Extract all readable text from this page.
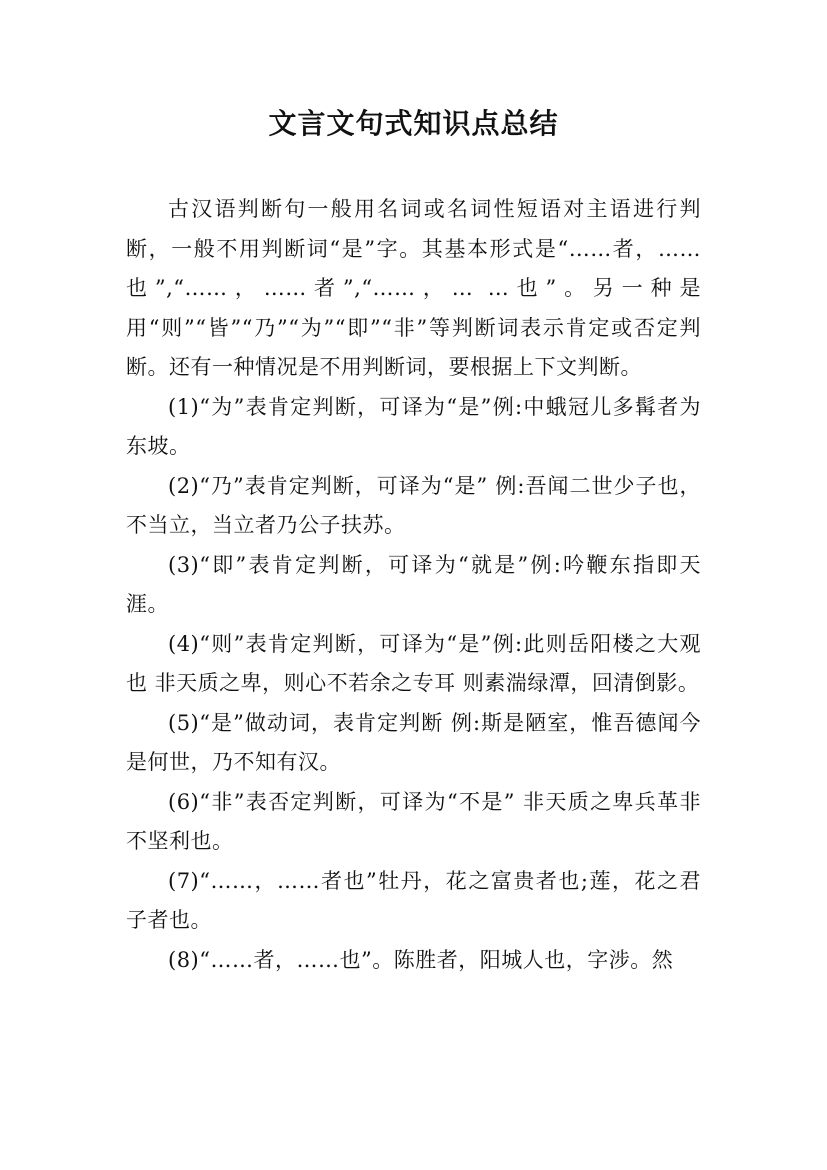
文言文句式知识点总结

古汉语判断句一般用名词或名词性短语对主语进行判断，一般不用判断词“是”字。其基本形式是“……者，……也”,“……，……者”,“……，… …也”。另一种是用“则”“皆”“乃”“为”“即”“非”等判断词表示肯定或否定判断。还有一种情况是不用判断词，要根据上下文判断。

(1)“为”表肯定判断，可译为“是”例:中蛾冠儿多髯者为东坡。

(2)“乃”表肯定判断，可译为“是” 例:吾闻二世少子也，不当立，当立者乃公子扶苏。

(3)“即”表肯定判断，可译为“就是”例:吟鞭东指即天涯。

(4)“则”表肯定判断，可译为“是”例:此则岳阳楼之大观也 非天质之卑，则心不若余之专耳 则素湍绿潭，回清倒影。

(5)“是”做动词，表肯定判断 例:斯是陋室，惟吾德闻今是何世，乃不知有汉。

(6)“非”表否定判断，可译为“不是” 非天质之卑兵革非不坚利也。

(7)“……，……者也”牡丹，花之富贵者也;莲，花之君子者也。

(8)“……者，……也”。陈胜者，阳城人也，字涉。然
